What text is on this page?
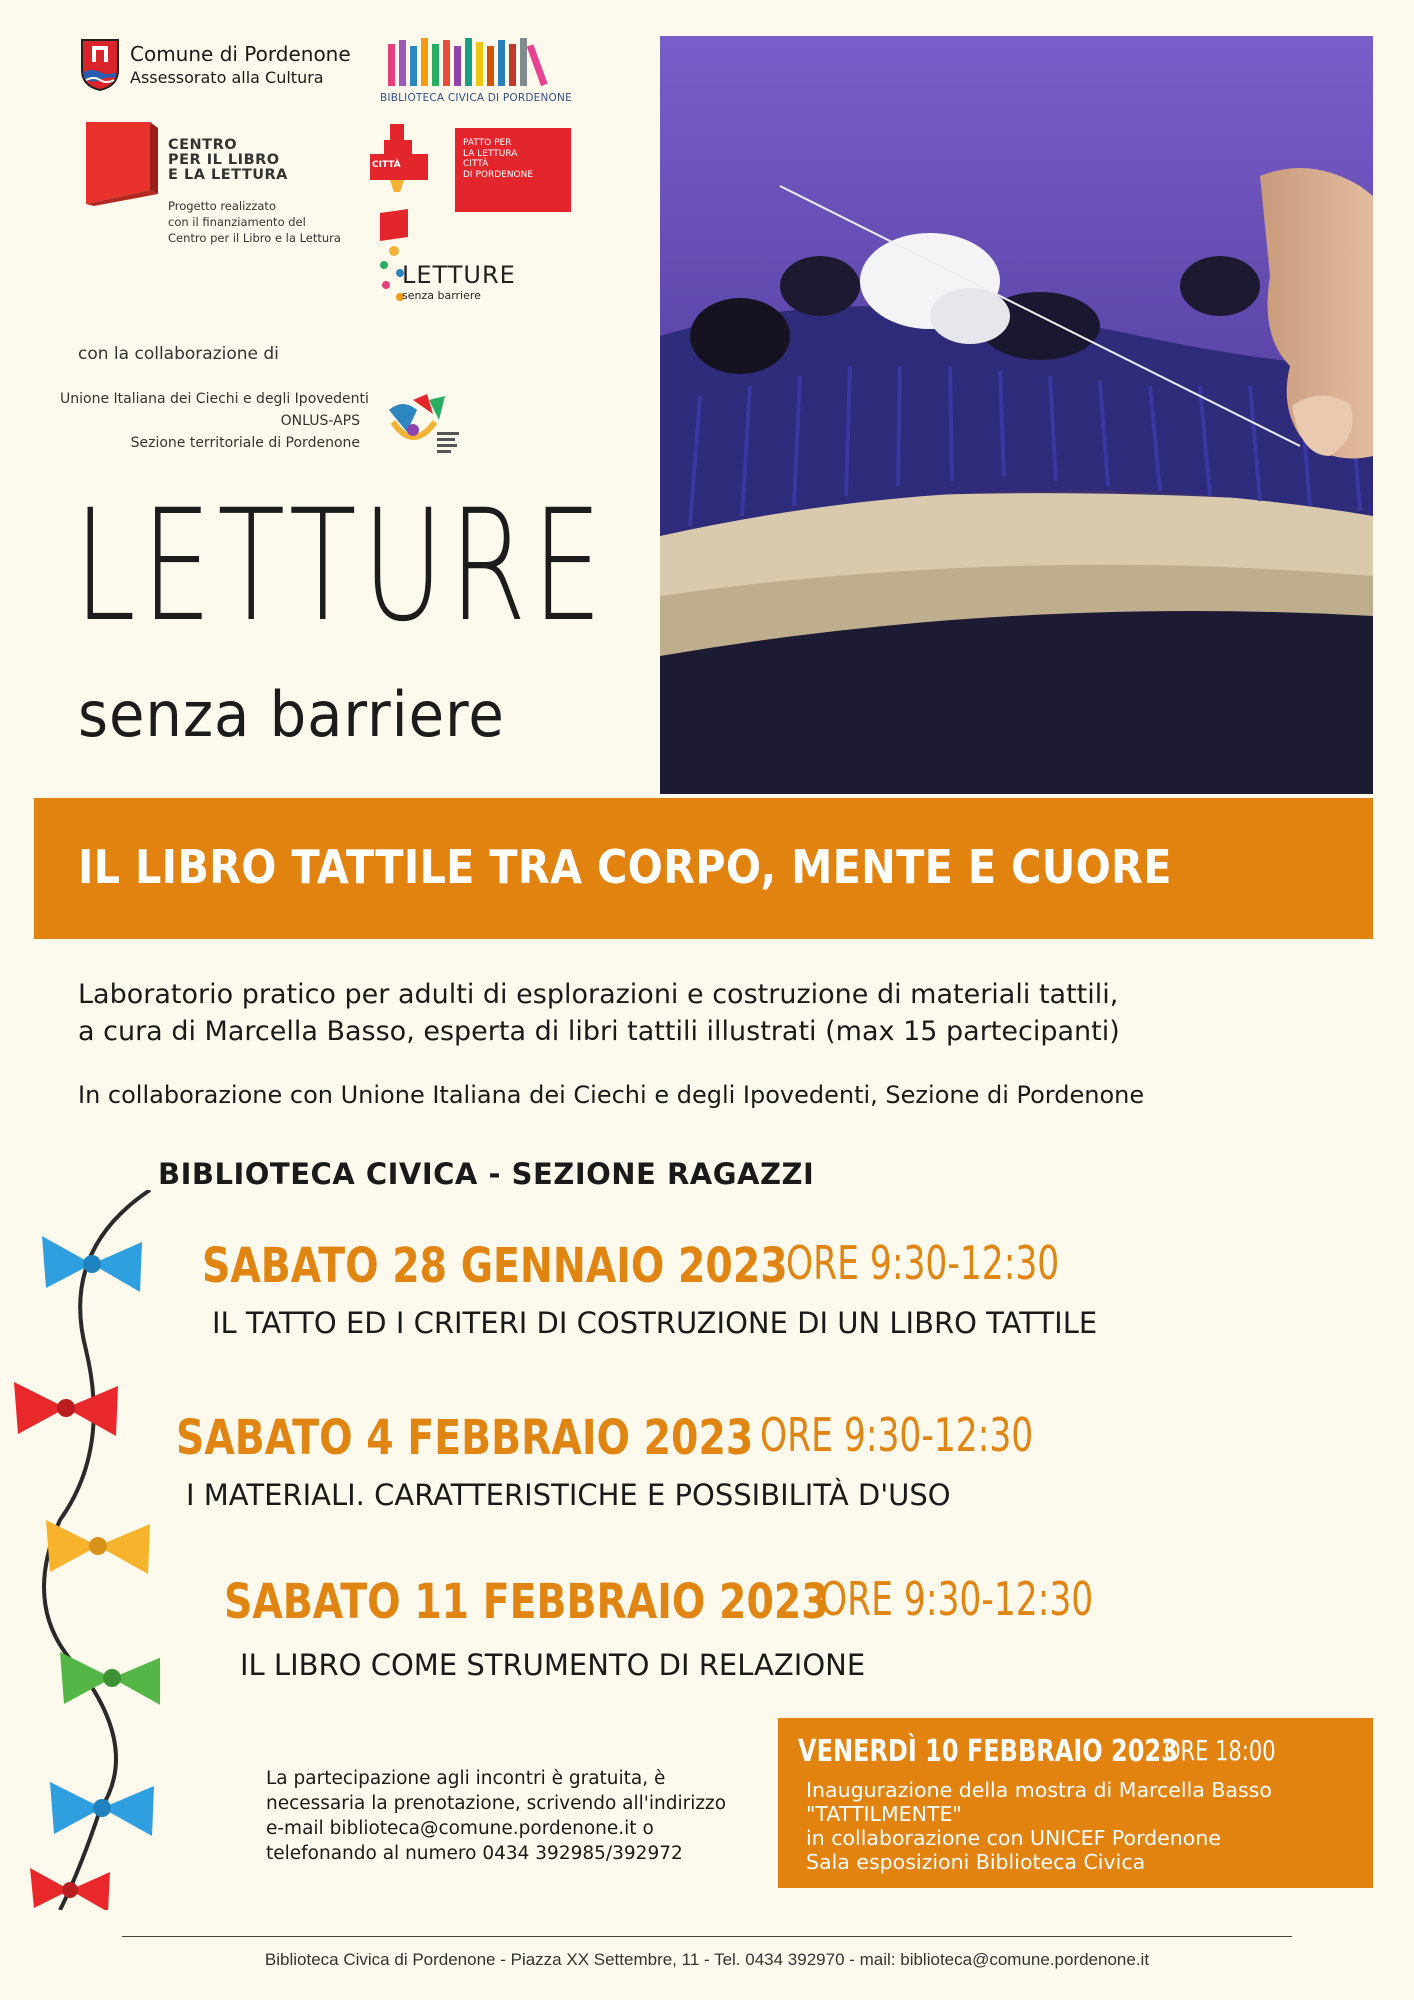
Comune di Pordenone
Assessorato alla Cultura
BIBLIOTECA CIVICA DI PORDENONE
CENTRO
PER IL LIBRO
E LA LETTURA
Progetto realizzato
con il finanziamento del
Centro per il Libro e la Lettura
CITTÀ
PATTO PER
LA LETTURA
CITTÀ
DI PORDENONE
LETTURE
senza barriere
con la collaborazione di
Unione Italiana dei Ciechi e degli Ipovedenti
ONLUS-APS
Sezione territoriale di Pordenone
LETTURE
senza barriere
IL LIBRO TATTILE TRA CORPO, MENTE E CUORE
Laboratorio pratico per adulti di esplorazioni e costruzione di materiali tattili,
a cura di Marcella Basso, esperta di libri tattili illustrati (max 15 partecipanti)
In collaborazione con Unione Italiana dei Ciechi e degli Ipovedenti, Sezione di Pordenone
BIBLIOTECA CIVICA - SEZIONE RAGAZZI
SABATO 28 GENNAIO 2023
ORE 9:30-12:30
IL TATTO ED I CRITERI DI COSTRUZIONE DI UN LIBRO TATTILE
SABATO 4 FEBBRAIO 2023 ORE 9:30-12:30
I MATERIALI. CARATTERISTICHE E POSSIBILITÀ D'USO
SABATO 11 FEBBRAIO 2023
ORE 9:30-12:30
IL LIBRO COME STRUMENTO DI RELAZIONE
La partecipazione agli incontri è gratuita, è
necessaria la prenotazione, scrivendo all'indirizzo
e-mail biblioteca@comune.pordenone.it o
telefonando al numero 0434 392985/392972
VENERDÌ 10 FEBBRAIO 2023
ORE 18:00
Inaugurazione della mostra di Marcella Basso
"TATTILMENTE"
in collaborazione con UNICEF Pordenone
Sala esposizioni Biblioteca Civica
Biblioteca Civica di Pordenone - Piazza XX Settembre, 11 - Tel. 0434 392970 - mail: biblioteca@comune.pordenone.it
